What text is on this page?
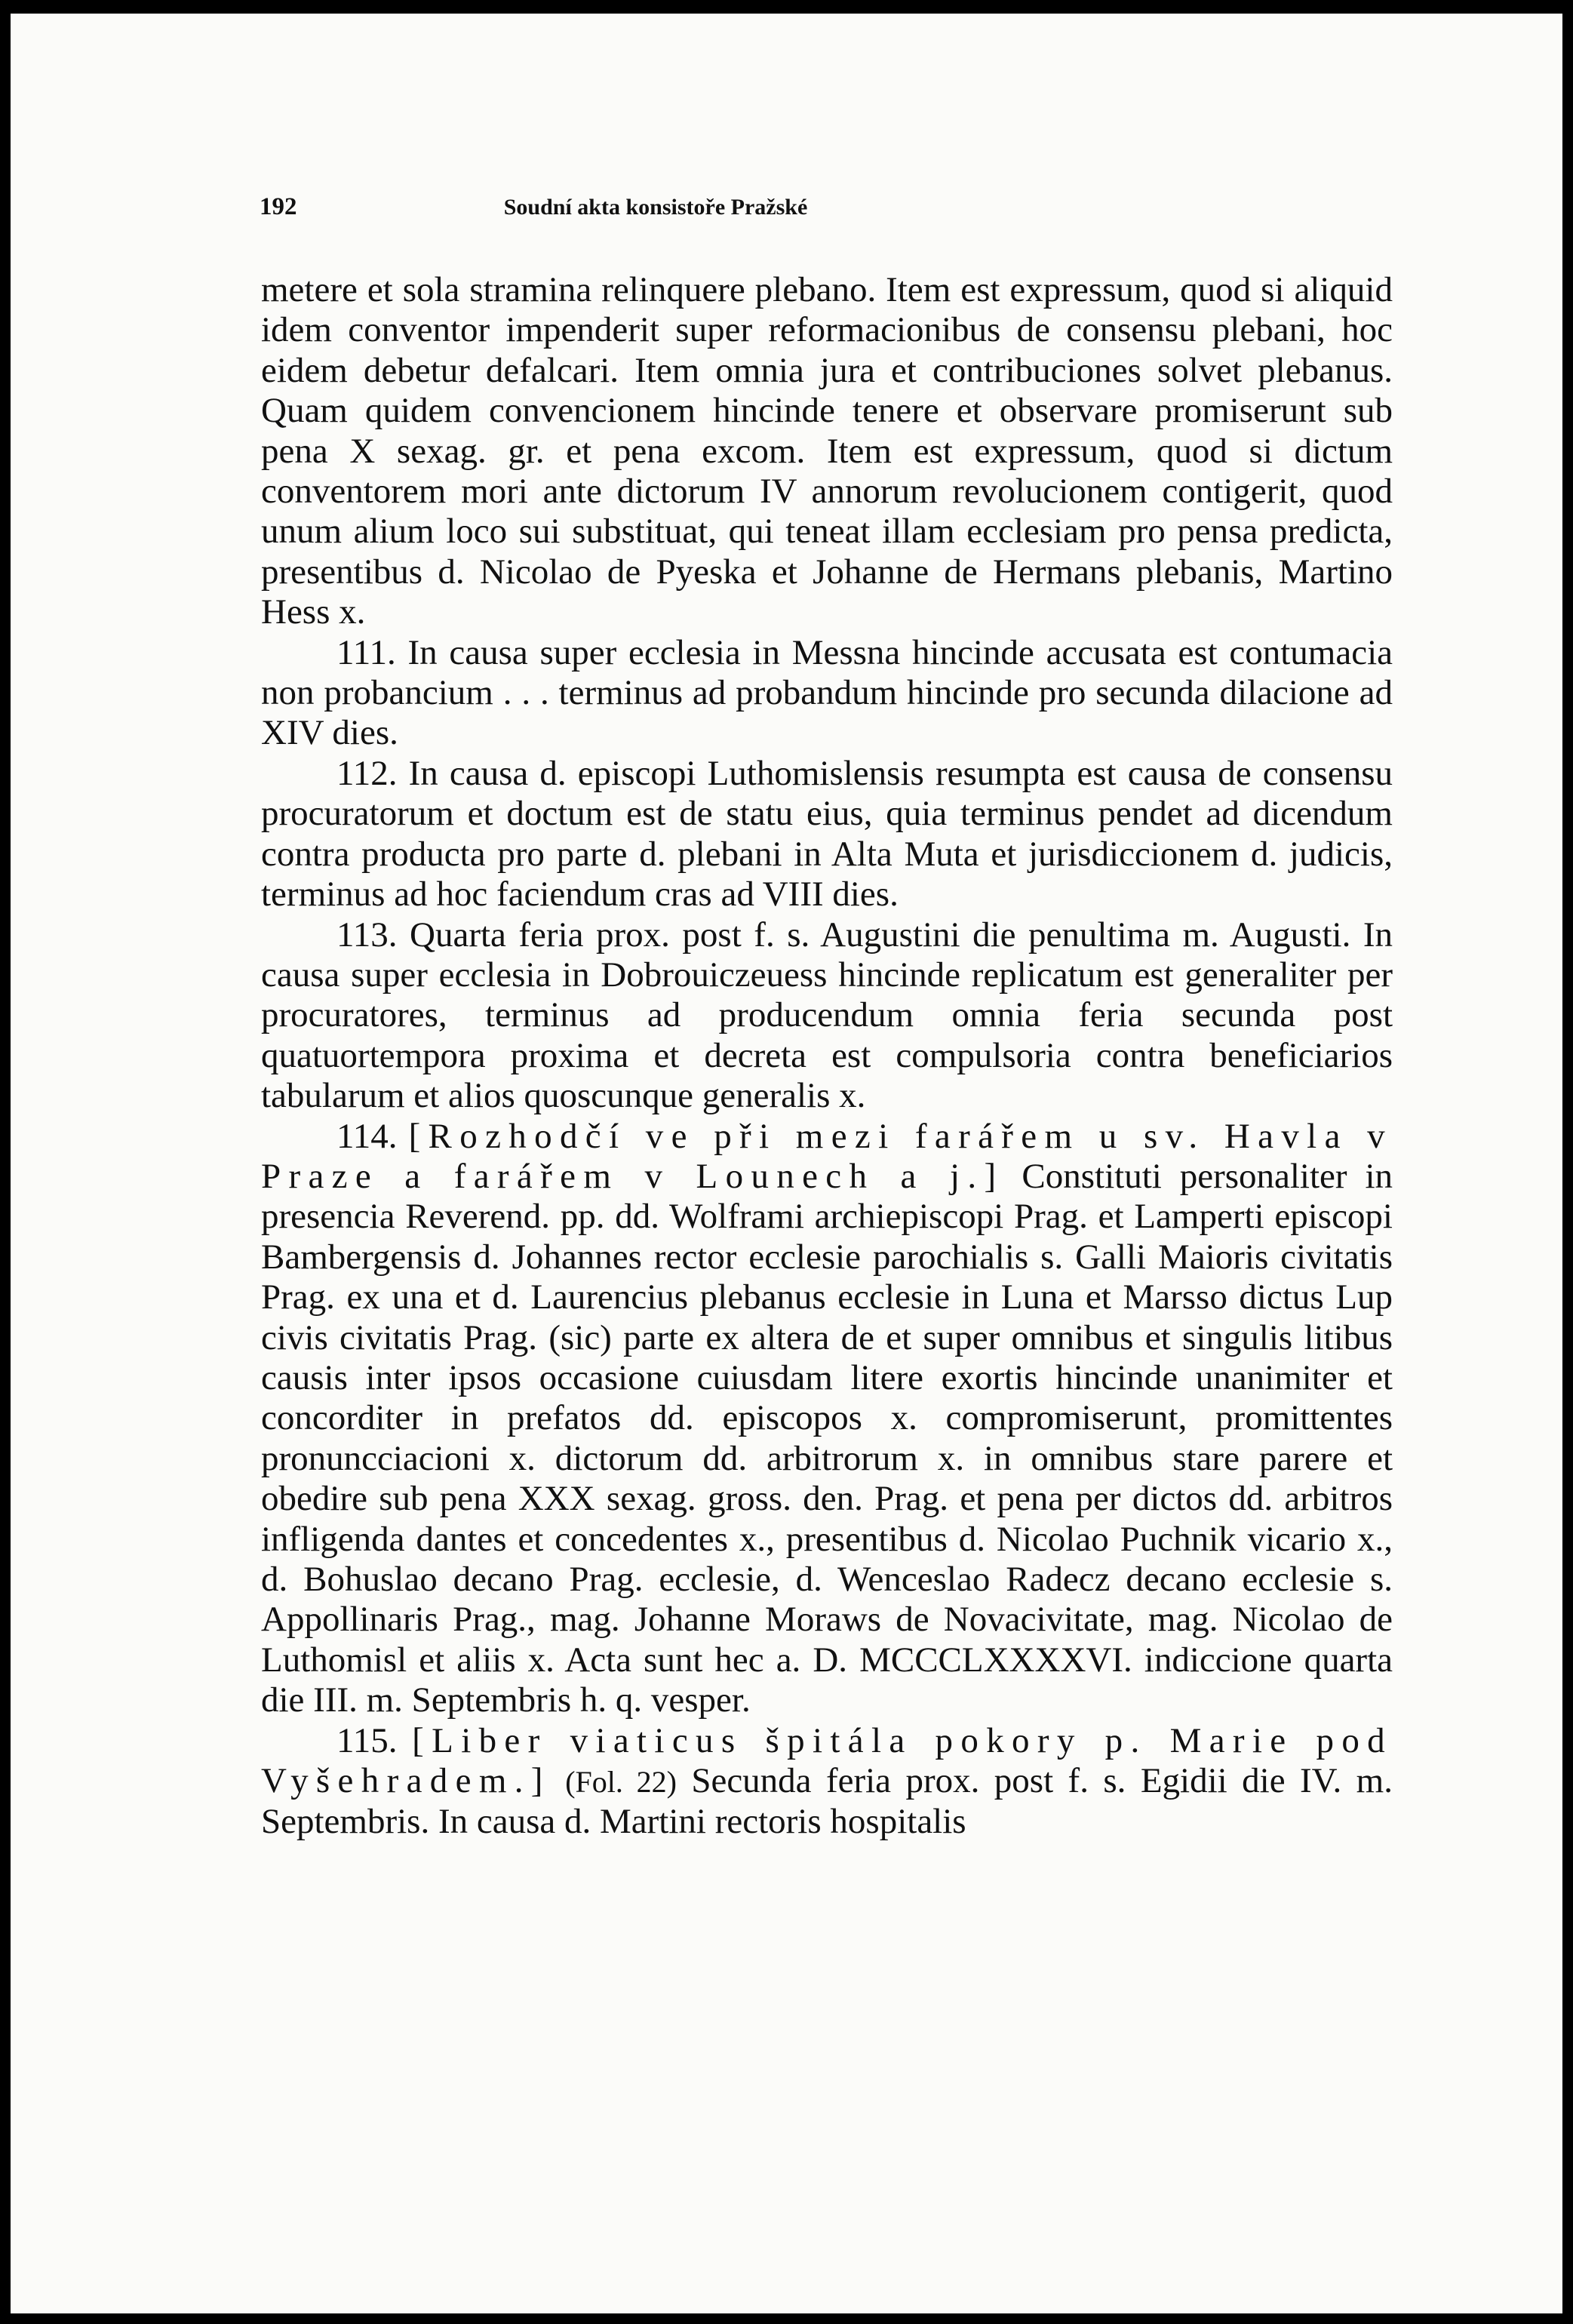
192	Soudní akta konsistoře Pražské

metere et sola stramina relinquere plebano. Item est expressum, quod si aliquid idem conventor impenderit super reformacionibus de consensu plebani, hoc eidem debetur defalcari. Item omnia jura et contribuciones solvet plebanus. Quam quidem convencionem hincinde tenere et observare promiserunt sub pena X sexag. gr. et pena excom. Item est expressum, quod si dictum conventorem mori ante dictorum IV annorum revolucionem contigerit, quod unum alium loco sui substituat, qui teneat illam ecclesiam pro pensa predicta, presentibus d. Nicolao de Pyeska et Johanne de Hermans plebanis, Martino Hess x.

111. In causa super ecclesia in Messna hincinde accusata est contumacia non probancium . . . terminus ad probandum hincinde pro secunda dilacione ad XIV dies.

112. In causa d. episcopi Luthomislensis resumpta est causa de consensu procuratorum et doctum est de statu eius, quia terminus pendet ad dicendum contra producta pro parte d. plebani in Alta Muta et jurisdiccionem d. judicis, terminus ad hoc faciendum cras ad VIII dies.

113. Quarta feria prox. post f. s. Augustini die penultima m. Augusti. In causa super ecclesia in Dobrouiczeuess hincinde replicatum est generaliter per procuratores, terminus ad producendum omnia feria secunda post quatuortempora proxima et decreta est compulsoria contra beneficiarios tabularum et alios quoscunque generalis x.

114. [Rozhodčí ve při mezi farářem u sv. Havla v Praze a farářem v Lounech a j.] Constituti personaliter in presencia Reverend. pp. dd. Wolframi archiepiscopi Prag. et Lamperti episcopi Bambergensis d. Johannes rector ecclesie parochialis s. Galli Maioris civitatis Prag. ex una et d. Laurencius plebanus ecclesie in Luna et Marsso dictus Lup civis civitatis Prag. (sic) parte ex altera de et super omnibus et singulis litibus causis inter ipsos occasione cuiusdam litere exortis hincinde unanimiter et concorditer in prefatos dd. episcopos x. compromiserunt, promittentes pronuncciacioni x. dictorum dd. arbitrorum x. in omnibus stare parere et obedire sub pena XXX sexag. gross. den. Prag. et pena per dictos dd. arbitros infligenda dantes et concedentes x., presentibus d. Nicolao Puchnik vicario x., d. Bohuslao decano Prag. ecclesie, d. Wenceslao Radecz decano ecclesie s. Appollinaris Prag., mag. Johanne Moraws de Novacivitate, mag. Nicolao de Luthomisl et aliis x. Acta sunt hec a. D. MCCCLXXXXVI. indiccione quarta die III. m. Septembris h. q. vesper.

115. [Liber viaticus špitála pokory p. Marie pod Vyšehradem.] (Fol. 22) Secunda feria prox. post f. s. Egidii die IV. m. Septembris. In causa d. Martini rectoris hospitalis
